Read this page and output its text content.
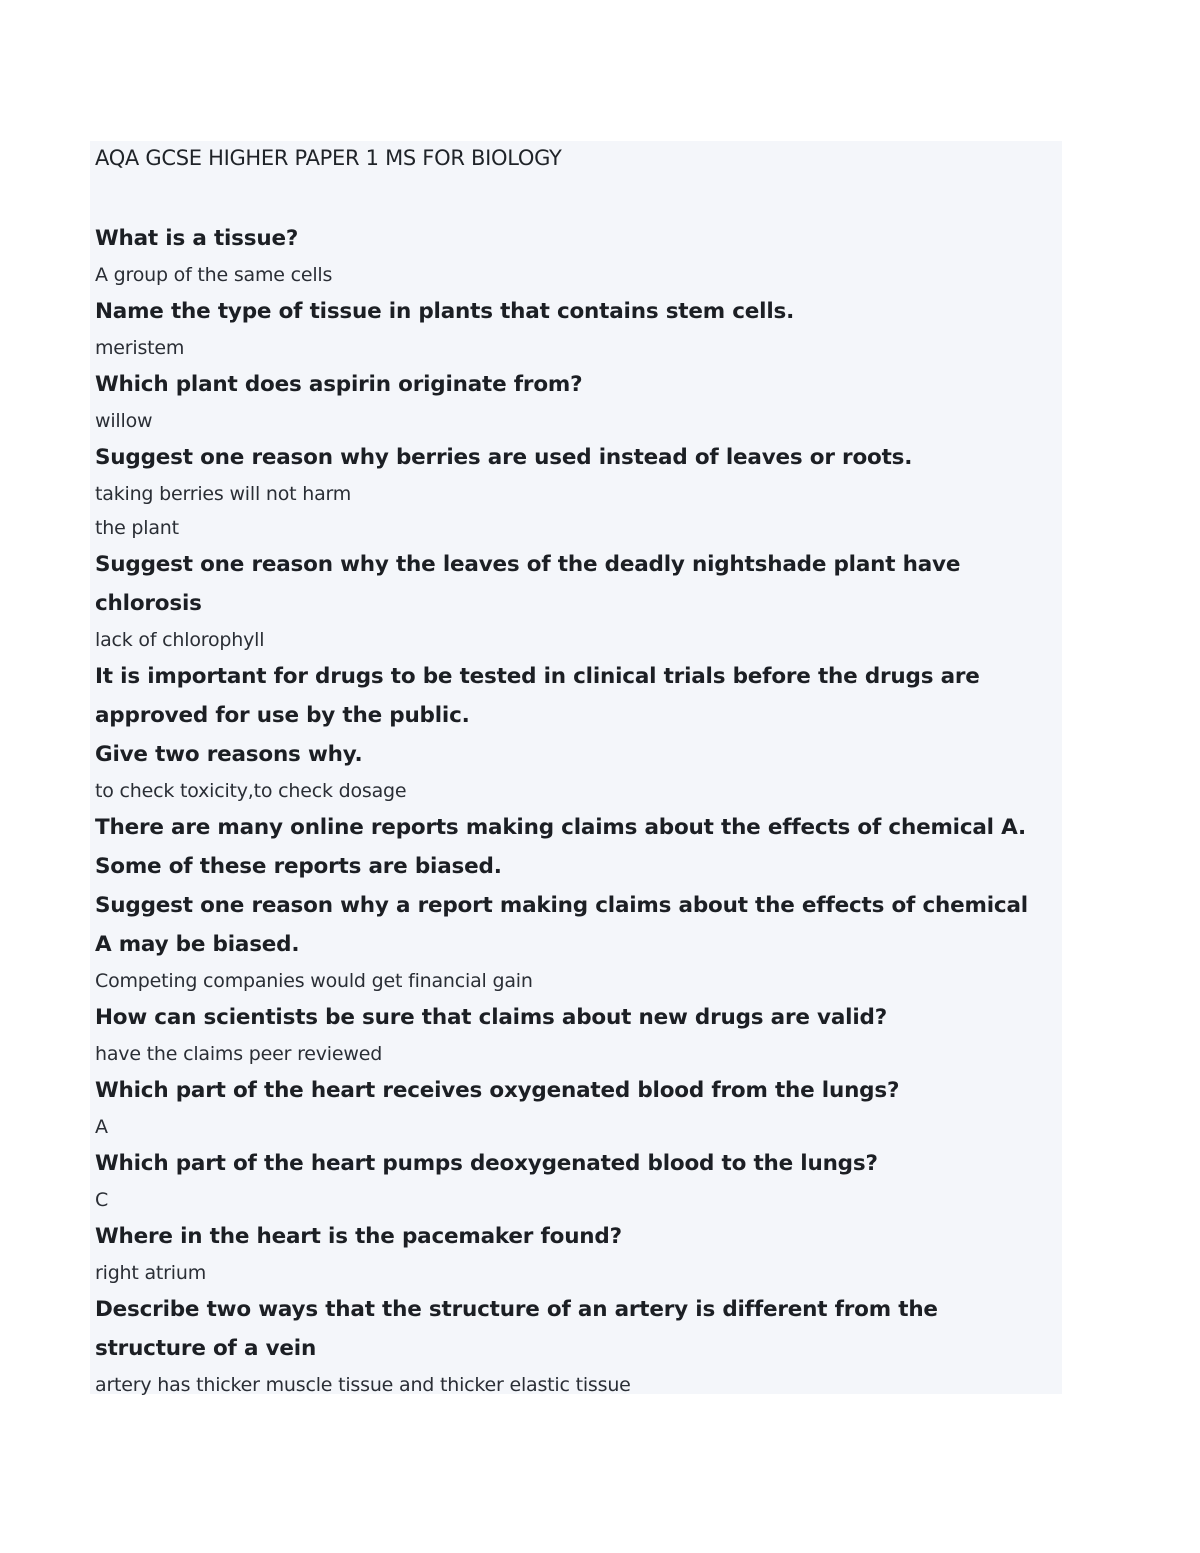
AQA GCSE HIGHER PAPER 1 MS FOR BIOLOGY
What is a tissue?
A group of the same cells
Name the type of tissue in plants that contains stem cells.
meristem
Which plant does aspirin originate from?
willow
Suggest one reason why berries are used instead of leaves or roots.
taking berries will not harm
the plant
Suggest one reason why the leaves of the deadly nightshade plant have
chlorosis
lack of chlorophyll
It is important for drugs to be tested in clinical trials before the drugs are
approved for use by the public.
Give two reasons why.
to check toxicity,to check dosage
There are many online reports making claims about the effects of chemical A.
Some of these reports are biased.
Suggest one reason why a report making claims about the effects of chemical
A may be biased.
Competing companies would get financial gain
How can scientists be sure that claims about new drugs are valid?
have the claims peer reviewed
Which part of the heart receives oxygenated blood from the lungs?
A
Which part of the heart pumps deoxygenated blood to the lungs?
C
Where in the heart is the pacemaker found?
right atrium
Describe two ways that the structure of an artery is different from the
structure of a vein
artery has thicker muscle tissue and thicker elastic tissue
